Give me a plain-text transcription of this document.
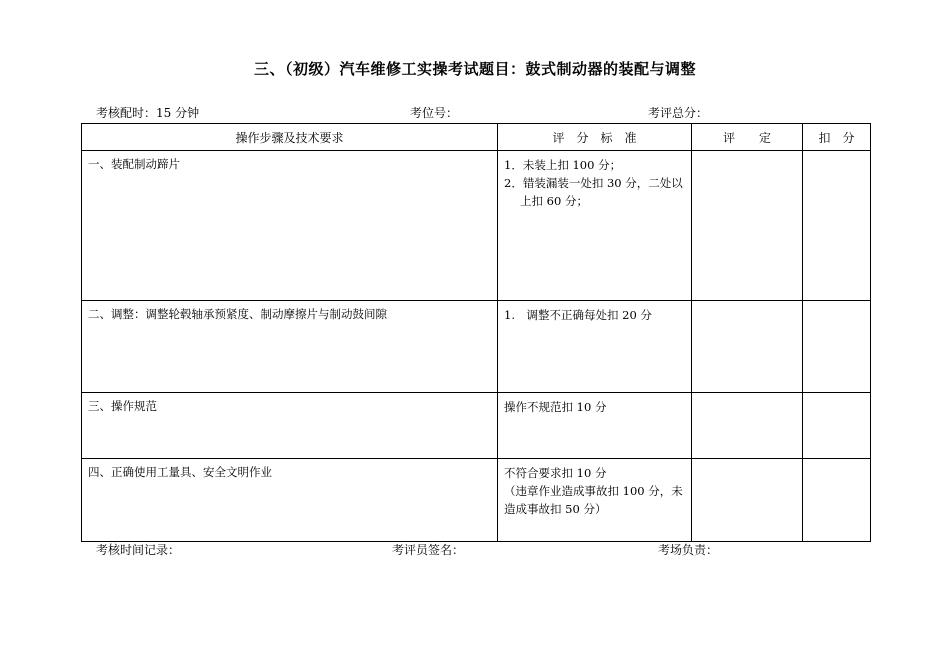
三、（初级）汽车维修工实操考试题目：鼓式制动器的装配与调整
考核配时：15 分钟	考位号：	考评总分：
操作步骤及技术要求	评　分　标　准	评　　定	扣　分
一、装配制动蹄片	1．未装上扣 100 分；
2．错装漏装一处扣 30 分，二处以
上扣 60 分；		

二、调整：调整轮毂轴承预紧度、制动摩擦片与制动鼓间隙	1.　调整不正确每处扣 20 分		

三、操作规范	操作不规范扣 10 分		

四、正确使用工量具、安全文明作业	不符合要求扣 10 分
（违章作业造成事故扣 100 分，未
造成事故扣 50 分）		

考核时间记录：	考评员签名：	考场负责：
